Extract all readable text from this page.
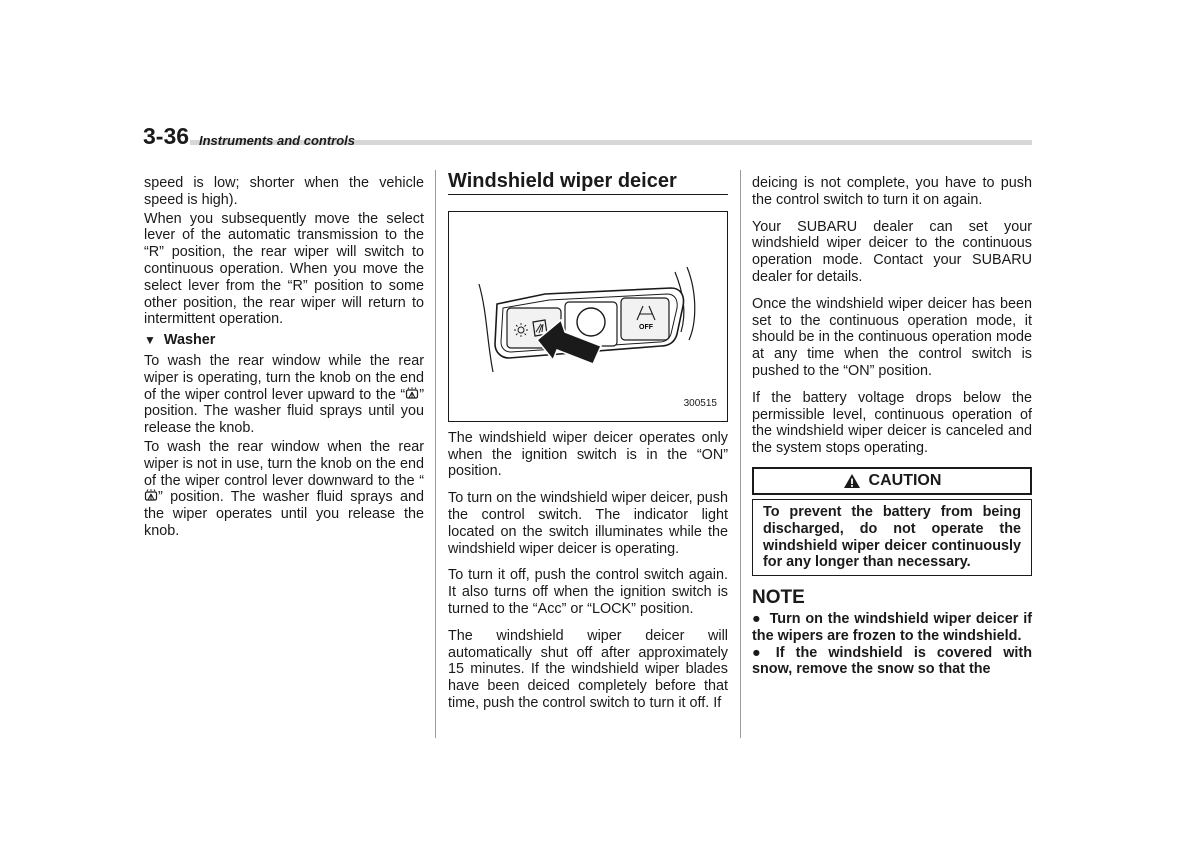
3-36 Instruments and controls

speed is low; shorter when the vehicle speed is high).

When you subsequently move the select lever of the automatic transmission to the “R” position, the rear wiper will switch to continuous operation. When you move the select lever from the “R” position to some other position, the rear wiper will return to intermittent operation.

▼ Washer

To wash the rear window while the rear wiper is operating, turn the knob on the end of the wiper control lever upward to the “ ” position. The washer fluid sprays until you release the knob.

To wash the rear window when the rear wiper is not in use, turn the knob on the end of the wiper control lever downward to the “” position. The washer fluid sprays and the wiper operates until you release the knob.

Windshield wiper deicer
OFF
300515

The windshield wiper deicer operates only when the ignition switch is in the “ON” position.

To turn on the windshield wiper deicer, push the control switch. The indicator light located on the switch illuminates while the windshield wiper deicer is operating.

To turn it off, push the control switch again. It also turns off when the ignition switch is turned to the “Acc” or “LOCK” position.

The windshield wiper deicer will automatically shut off after approximately 15 minutes. If the windshield wiper blades have been deiced completely before that time, push the control switch to turn it off. If

deicing is not complete, you have to push the control switch to turn it on again.

Your SUBARU dealer can set your windshield wiper deicer to the continuous operation mode. Contact your SUBARU dealer for details.

Once the windshield wiper deicer has been set to the continuous operation mode, it should be in the continuous operation mode at any time when the control switch is pushed to the “ON” position.

If the battery voltage drops below the permissible level, continuous operation of the windshield wiper deicer is canceled and the system stops operating.

CAUTION
To prevent the battery from being discharged, do not operate the windshield wiper deicer continuously for any longer than necessary.
NOTE

● Turn on the windshield wiper deicer if the wipers are frozen to the windshield.

● If the windshield is covered with snow, remove the snow so that the
